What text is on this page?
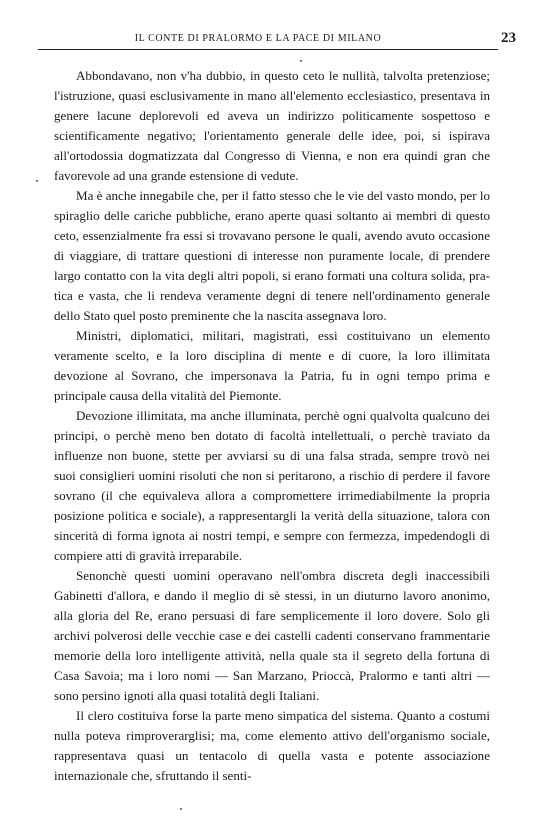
IL CONTE DI PRALORMO E LA PACE DI MILANO	23

Abbondavano, non v'ha dubbio, in questo ceto le nullità, talvolta pretenziose; l'istruzione, quasi esclusivamente in mano all'elemento ecclesiastico, presentava in genere lacune deplorevoli ed aveva un indirizzo politicamente sospettoso e scientificamente negativo; l'orientamento generale delle idee, poi, si ispirava all'ortodossia dogmatizzata dal Congresso di Vienna, e non era quindi gran che favorevole ad una grande estensione di vedute.

Ma è anche innegabile che, per il fatto stesso che le vie del vasto mondo, per lo spiraglio delle cariche pubbliche, erano aperte quasi soltanto ai membri di questo ceto, essenzialmente fra essi si trovavano persone le quali, avendo avuto occasione di viaggiare, di trattare questioni di interesse non puramente locale, di prendere largo contatto con la vita degli altri popoli, si erano formati una coltura solida, pratica e vasta, che li rendeva veramente degni di tenere nell'ordinamento generale dello Stato quel posto preminente che la nascita assegnava loro.

Ministri, diplomatici, militari, magistrati, essi costituivano un elemento veramente scelto, e la loro disciplina di mente e di cuore, la loro illimitata devozione al Sovrano, che impersonava la Patria, fu in ogni tempo prima e principale causa della vitalità del Piemonte.

Devozione illimitata, ma anche illuminata, perchè ogni qualvolta qualcuno dei principi, o perchè meno ben dotato di facoltà intellettuali, o perchè traviato da influenze non buone, stette per avviarsi su di una falsa strada, sempre trovò nei suoi consiglieri uomini risoluti che non si peritarono, a rischio di perdere il favore sovrano (il che equivaleva allora a compromettere irrimediabilmente la propria posizione politica e sociale), a rappresentargli la verità della situazione, talora con sincerità di forma ignota ai nostri tempi, e sempre con fermezza, impedendogli di compiere atti di gravità irreparabile.

Senonchè questi uomini operavano nell'ombra discreta degli inaccessibili Gabinetti d'allora, e dando il meglio di sè stessi, in un diuturno lavoro anonimo, alla gloria del Re, erano persuasi di fare semplicemente il loro dovere. Solo gli archivi polverosi delle vecchie case e dei castelli cadenti conservano frammentarie memorie della loro intelligente attività, nella quale sta il segreto della fortuna di Casa Savoia; ma i loro nomi — San Marzano, Prioccà, Pralormo e tanti altri — sono persino ignoti alla quasi totalità degli Italiani.

Il clero costituiva forse la parte meno simpatica del sistema. Quanto a costumi nulla poteva rimproverarglisi; ma, come elemento attivo dell'organismo sociale, rappresentava quasi un tentacolo di quella vasta e potente associazione internazionale che, sfruttando il senti-
